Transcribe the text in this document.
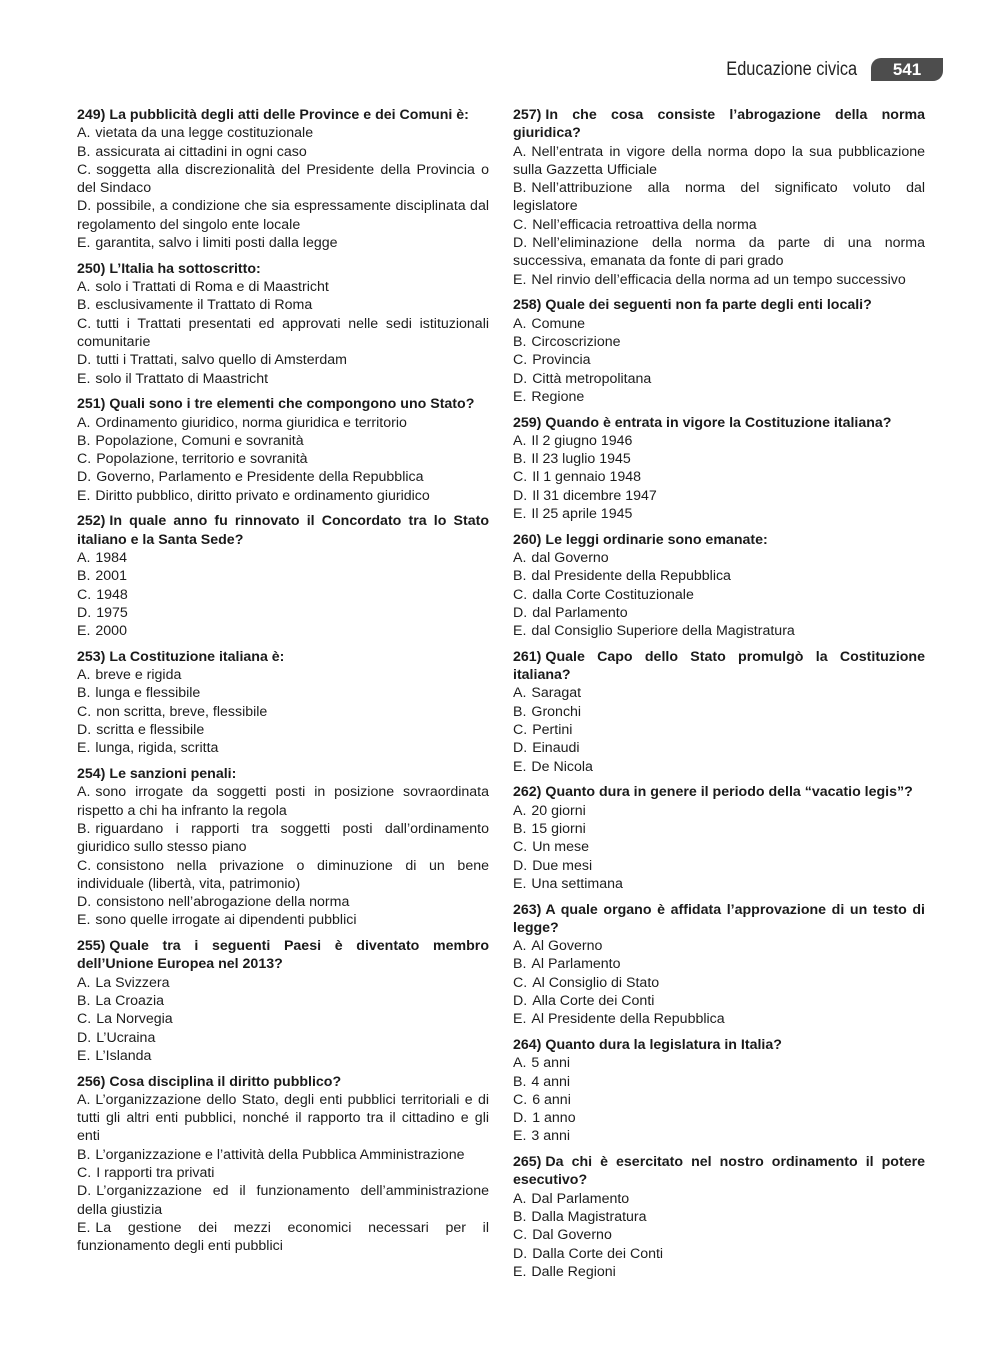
Educazione civica	541

249) La pubblicità degli atti delle Province e dei Comuni è:

A. vietata da una legge costituzionale

B. assicurata ai cittadini in ogni caso

C. soggetta alla discrezionalità del Presidente della Provincia o del Sindaco

D. possibile, a condizione che sia espressamente disciplinata dal regolamento del singolo ente locale

E. garantita, salvo i limiti posti dalla legge

250) L’Italia ha sottoscritto:

A. solo i Trattati di Roma e di Maastricht

B. esclusivamente il Trattato di Roma

C. tutti i Trattati presentati ed approvati nelle sedi istituzionali comunitarie

D. tutti i Trattati, salvo quello di Amsterdam

E. solo il Trattato di Maastricht

251) Quali sono i tre elementi che compongono uno Stato?

A. Ordinamento giuridico, norma giuridica e territorio

B. Popolazione, Comuni e sovranità

C. Popolazione, territorio e sovranità

D. Governo, Parlamento e Presidente della Repubblica

E. Diritto pubblico, diritto privato e ordinamento giuridico

252) In quale anno fu rinnovato il Concordato tra lo Stato italiano e la Santa Sede?

A. 1984

B. 2001

C. 1948

D. 1975

E. 2000

253) La Costituzione italiana è:

A. breve e rigida

B. lunga e flessibile

C. non scritta, breve, flessibile

D. scritta e flessibile

E. lunga, rigida, scritta

254) Le sanzioni penali:

A. sono irrogate da soggetti posti in posizione sovraordinata rispetto a chi ha infranto la regola

B. riguardano i rapporti tra soggetti posti dall’ordinamento giuridico sullo stesso piano

C. consistono nella privazione o diminuzione di un bene individuale (libertà, vita, patrimonio)

D. consistono nell’abrogazione della norma

E. sono quelle irrogate ai dipendenti pubblici

255) Quale tra i seguenti Paesi è diventato membro dell’Unione Europea nel 2013?

A. La Svizzera

B. La Croazia

C. La Norvegia

D. L’Ucraina

E. L’Islanda

256) Cosa disciplina il diritto pubblico?

A. L’organizzazione dello Stato, degli enti pubblici territoriali e di tutti gli altri enti pubblici, nonché il rapporto tra il cittadino e gli enti

B. L’organizzazione e l’attività della Pubblica Amministrazione

C. I rapporti tra privati

D. L’organizzazione ed il funzionamento dell’amministrazione della giustizia

E. La gestione dei mezzi economici necessari per il funzionamento degli enti pubblici

257) In che cosa consiste l’abrogazione della norma giuridica?

A. Nell’entrata in vigore della norma dopo la sua pubblicazione sulla Gazzetta Ufficiale

B. Nell’attribuzione alla norma del significato voluto dal legislatore

C. Nell’efficacia retroattiva della norma

D. Nell’eliminazione della norma da parte di una norma successiva, emanata da fonte di pari grado

E. Nel rinvio dell’efficacia della norma ad un tempo successivo

258) Quale dei seguenti non fa parte degli enti locali?

A. Comune

B. Circoscrizione

C. Provincia

D. Città metropolitana

E. Regione

259) Quando è entrata in vigore la Costituzione italiana?

A. Il 2 giugno 1946

B. Il 23 luglio 1945

C. Il 1 gennaio 1948

D. Il 31 dicembre 1947

E. Il 25 aprile 1945

260) Le leggi ordinarie sono emanate:

A. dal Governo

B. dal Presidente della Repubblica

C. dalla Corte Costituzionale

D. dal Parlamento

E. dal Consiglio Superiore della Magistratura

261) Quale Capo dello Stato promulgò la Costituzione italiana?

A. Saragat

B. Gronchi

C. Pertini

D. Einaudi

E. De Nicola

262) Quanto dura in genere il periodo della “vacatio legis”?

A. 20 giorni

B. 15 giorni

C. Un mese

D. Due mesi

E. Una settimana

263) A quale organo è affidata l’approvazione di un testo di legge?

A. Al Governo

B. Al Parlamento

C. Al Consiglio di Stato

D. Alla Corte dei Conti

E. Al Presidente della Repubblica

264) Quanto dura la legislatura in Italia?

A. 5 anni

B. 4 anni

C. 6 anni

D. 1 anno

E. 3 anni

265) Da chi è esercitato nel nostro ordinamento il potere esecutivo?

A. Dal Parlamento

B. Dalla Magistratura

C. Dal Governo

D. Dalla Corte dei Conti

E. Dalle Regioni
